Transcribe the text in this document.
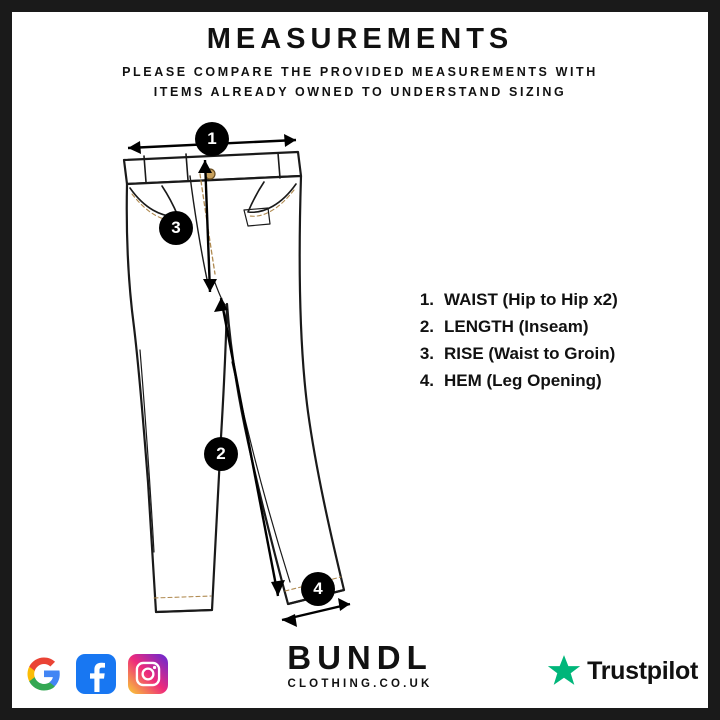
MEASUREMENTS
PLEASE COMPARE THE PROVIDED MEASUREMENTS WITH
ITEMS ALREADY OWNED TO UNDERSTAND SIZING
1
3
2
4
1. WAIST (Hip to Hip x2)
2. LENGTH (Inseam)
3. RISE (Waist to Groin)
4. HEM (Leg Opening)
BUNDL
CLOTHING.CO.UK	Trustpilot
